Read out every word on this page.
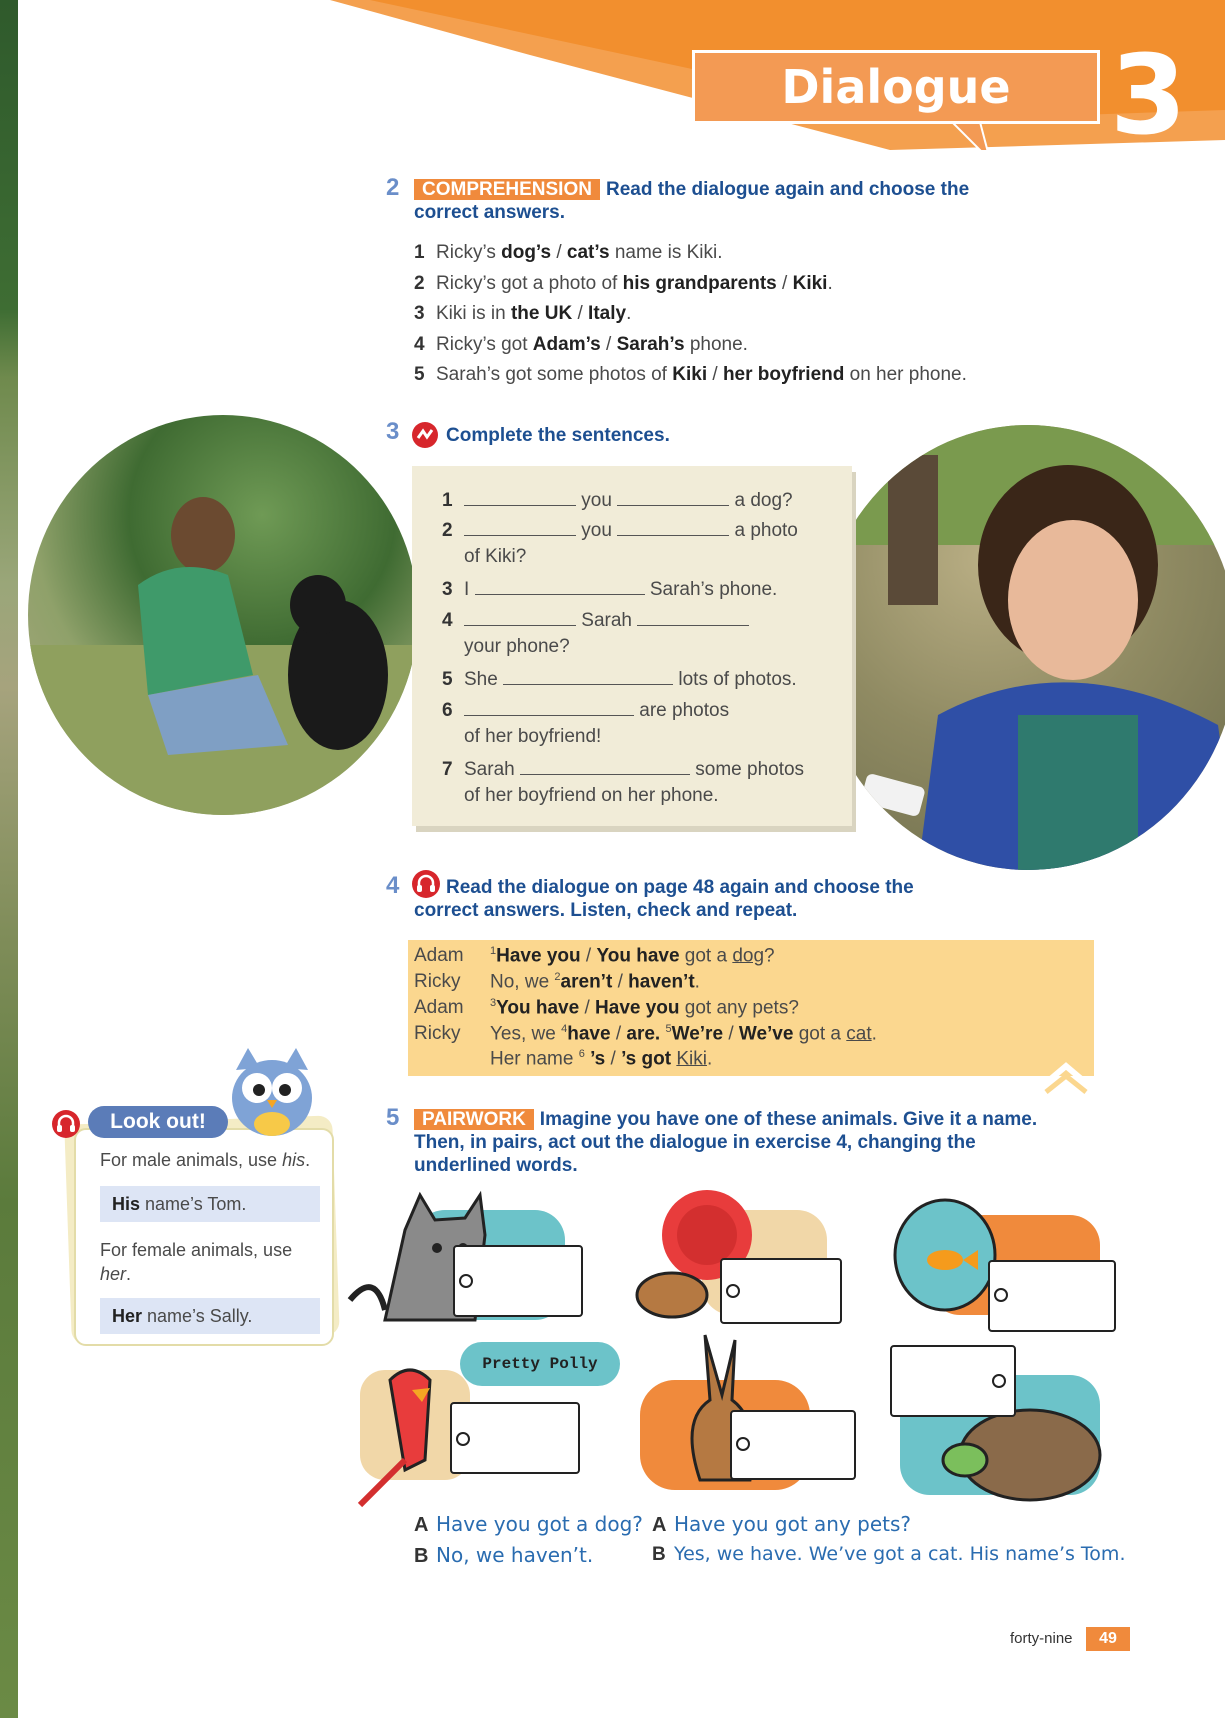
Dialogue 3
2	COMPREHENSION Read the dialogue again and choose the correct answers.
1 Ricky’s dog’s / cat’s name is Kiki.
2 Ricky’s got a photo of his grandparents / Kiki.
3 Kiki is in the UK / Italy.
4 Ricky’s got Adam’s / Sarah’s phone.
5 Sarah’s got some photos of Kiki / her boyfriend on her phone.
3 Complete the sentences.
1	you	a dog?
2	you	a photo
of Kiki?
3 I	Sarah’s phone.
4	Sarah
your phone?
5 She	lots of photos.
6	are photos
of her boyfriend!
7 Sarah	some photos
of her boyfriend on her phone.
4	Read the dialogue on page 48 again and choose the correct answers. Listen, check and repeat.
Adam $^1$Have you / You have got a dog?
Ricky No, we $^2$aren’t / haven’t.
Adam $^3$You have / Have you got any pets?
Ricky Yes, we $^4$have / are. $^5$We’re / We’ve got a cat.
Her name $^6$ ’s / ’s got Kiki.
Look out!
For male animals, use his.
His name’s Tom.
For female animals, use her.
Her name’s Sally.
5	PAIRWORK Imagine you have one of these animals. Give it a name. Then, in pairs, act out the dialogue in exercise 4, changing the underlined words.
Pretty Polly
A Have you got a dog?
B No, we haven’t.
A Have you got any pets?
B Yes, we have. We’ve got a cat. His name’s Tom.
forty-nine	49
